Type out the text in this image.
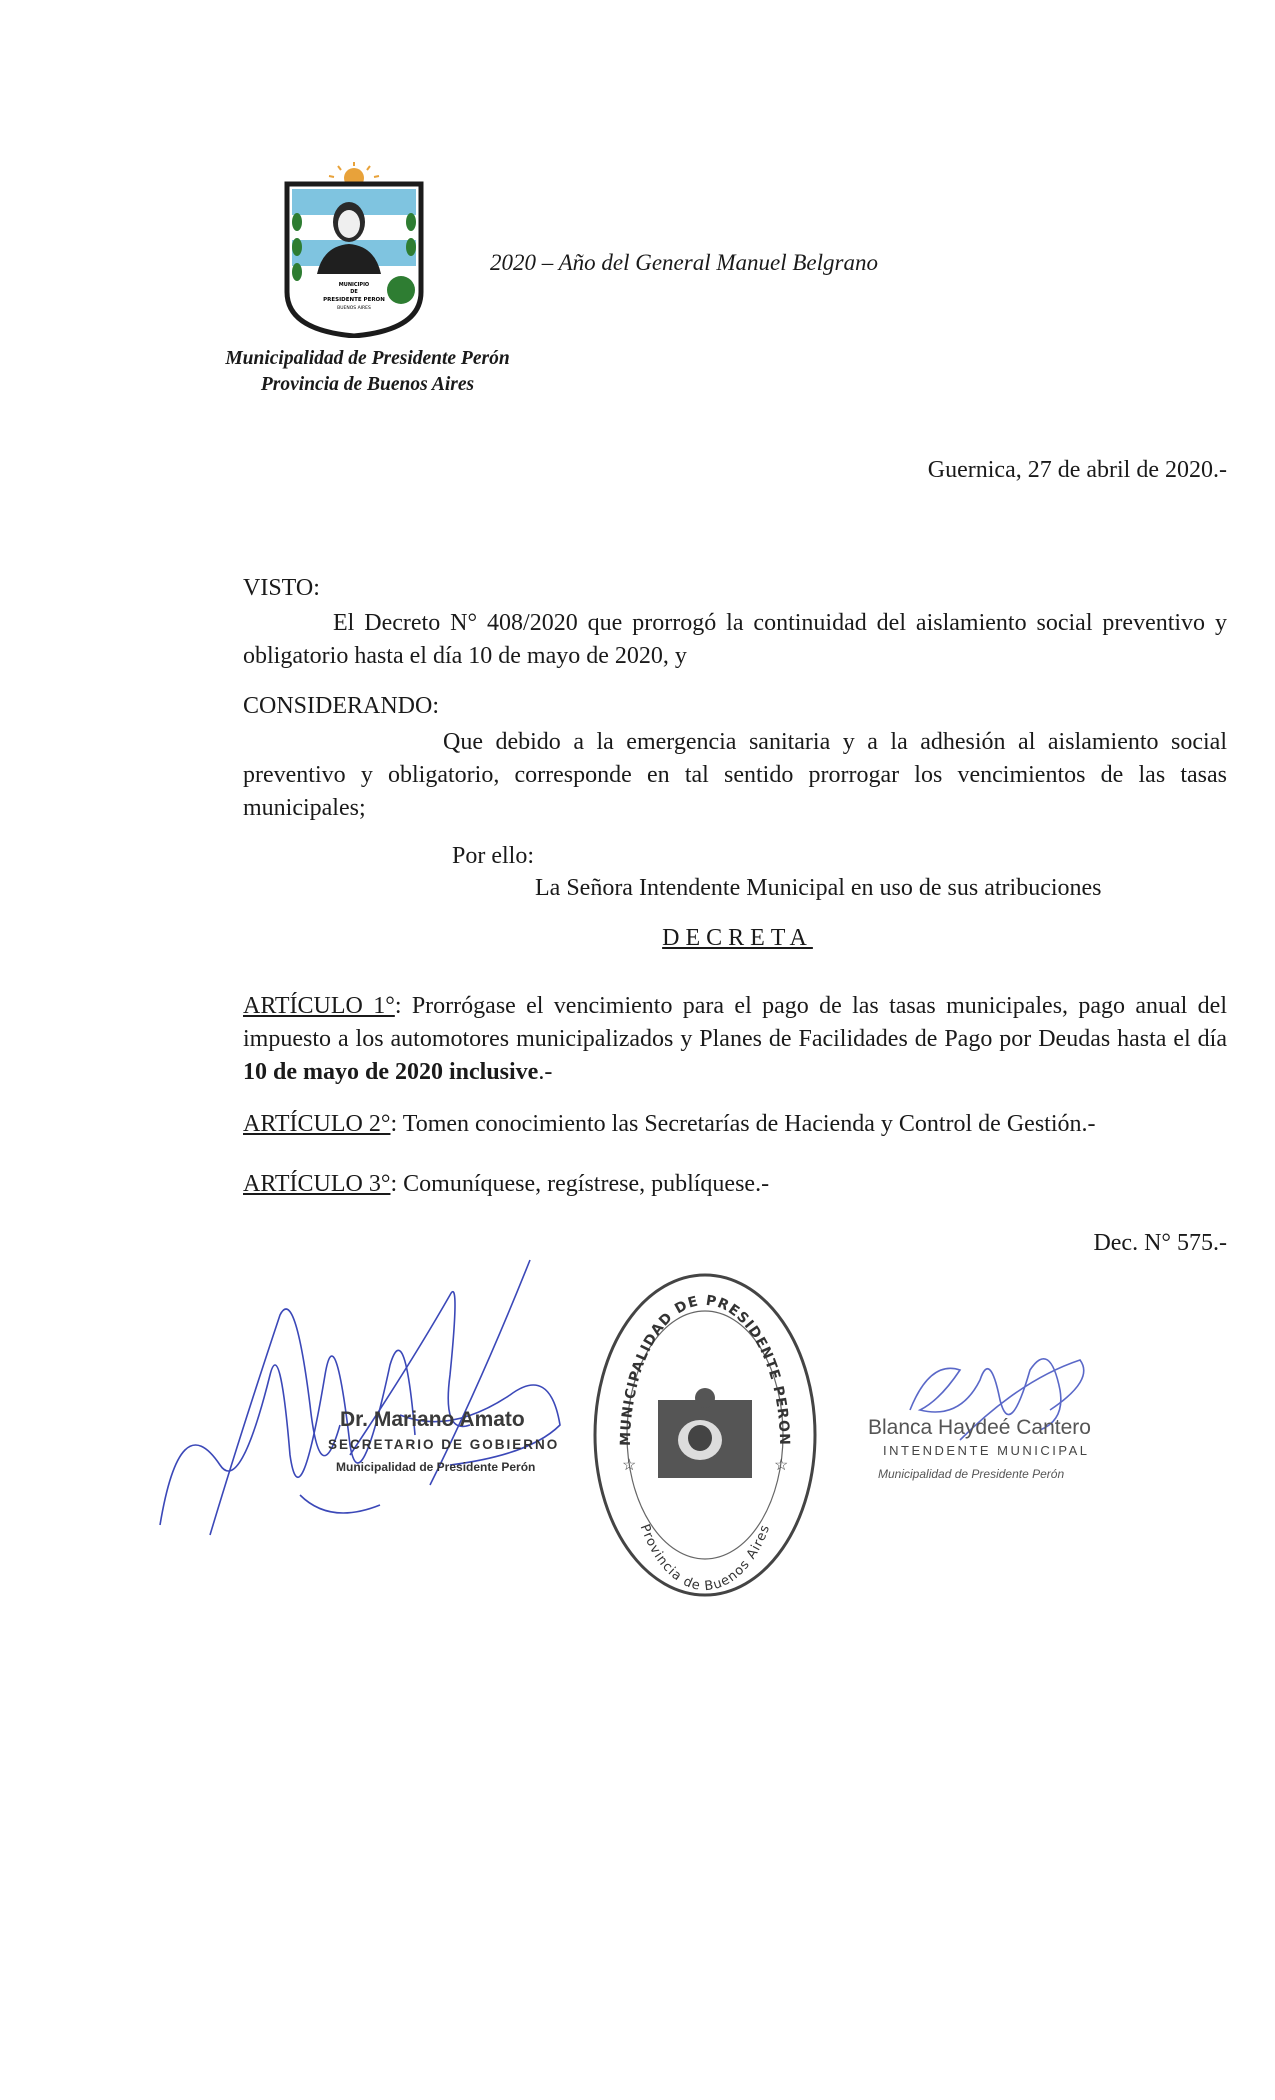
MUNICIPIO
DE
PRESIDENTE PERON
BUENOS AIRES
2020 – Año del General Manuel Belgrano
Municipalidad de Presidente Perón
Provincia de Buenos Aires
Guernica, 27 de abril de 2020.-
VISTO:
El Decreto N° 408/2020 que prorrogó la continuidad del aislamiento social preventivo y obligatorio hasta el día 10 de mayo de 2020, y
CONSIDERANDO:
Que debido a la emergencia sanitaria y a la adhesión al aislamiento social preventivo y obligatorio, corresponde en tal sentido prorrogar los vencimientos de las tasas municipales;
Por ello:
La Señora Intendente Municipal en uso de sus atribuciones
DECRETA
ARTÍCULO 1°: Prorrógase el vencimiento para el pago de las tasas municipales, pago anual del impuesto a los automotores municipalizados y Planes de Facilidades de Pago por Deudas hasta el día 10 de mayo de 2020 inclusive.-
ARTÍCULO 2°: Tomen conocimiento las Secretarías de Hacienda y Control de Gestión.-
ARTÍCULO 3°: Comuníquese, regístrese, publíquese.-
Dec. N° 575.-
Dr. Mariano Amato
SECRETARIO DE GOBIERNO
Municipalidad de Presidente Perón
MUNICIPALIDAD DE PRESIDENTE PERON
Provincia de Buenos Aires
☆	☆
Blanca Haydeé Cantero
INTENDENTE MUNICIPAL
Municipalidad de Presidente Perón
